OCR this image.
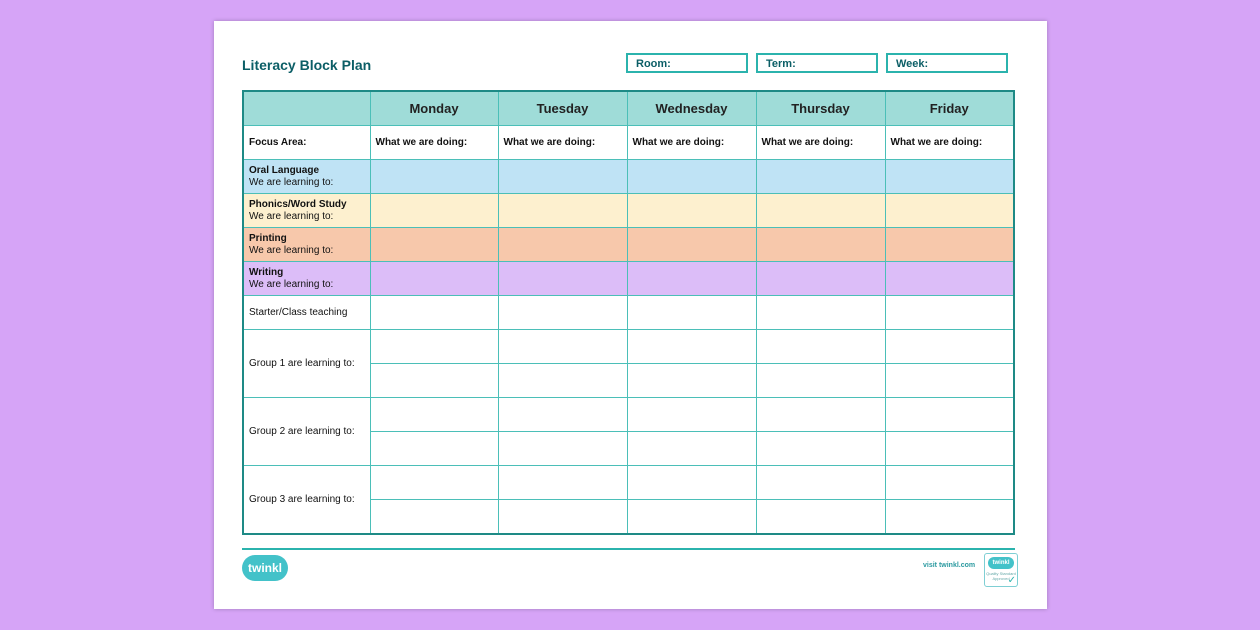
Literacy Block Plan	Room:	Term:	Week:
	Monday	Tuesday	Wednesday	Thursday	Friday
Focus Area:	What we are doing:	What we are doing:	What we are doing:	What we are doing:	What we are doing:

Oral Language
We are learning to:					

Phonics/Word Study
We are learning to:					

Printing
We are learning to:					

Writing
We are learning to:					

Starter/Class teaching					
Group 1 are learning to:					

Group 2 are learning to:					

Group 3 are learning to:					

twinkl	visit twinkl.com	twinkl
Quality Standard Approved
✓
